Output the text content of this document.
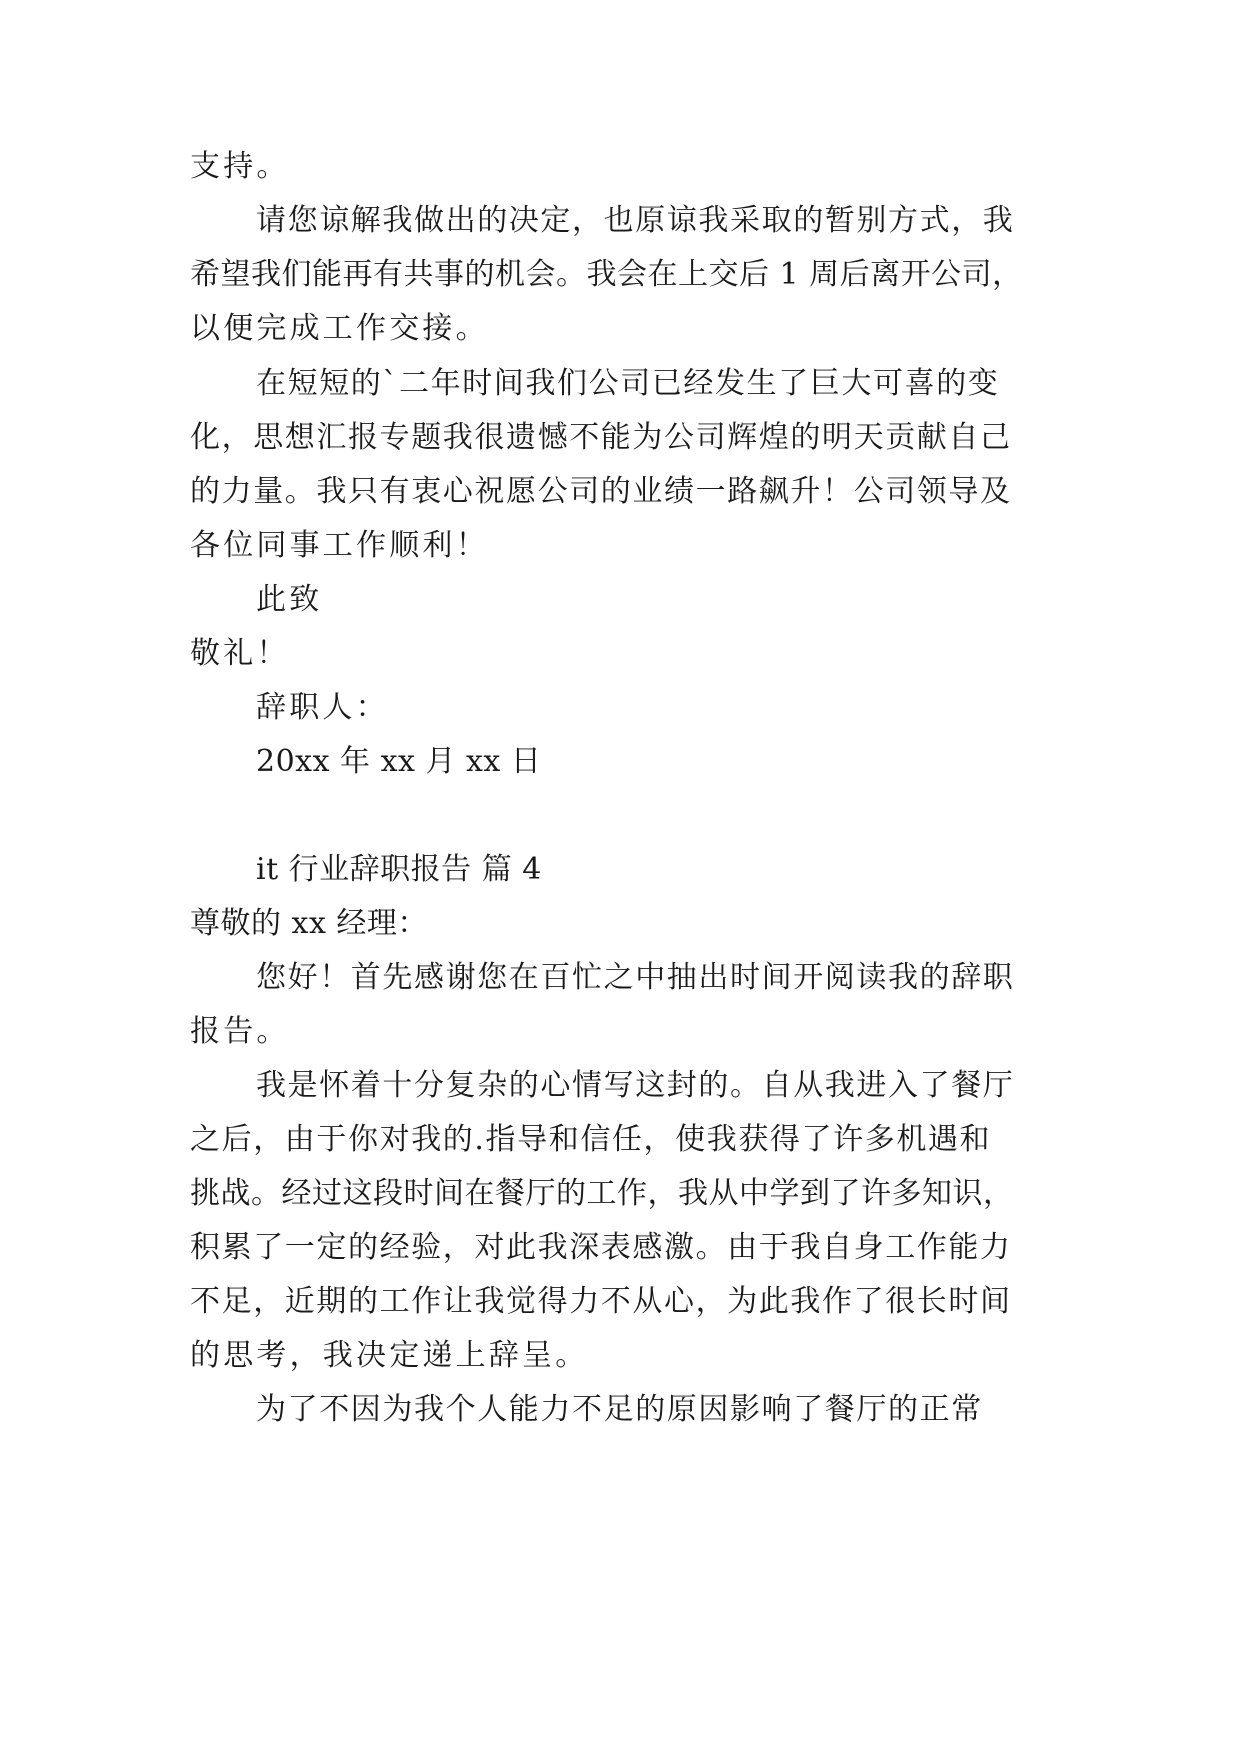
支持。
请您谅解我做出的决定，也原谅我采取的暂别方式，我
希望我们能再有共事的机会。我会在上交后 1 周后离开公司，
以便完成工作交接。
在短短的`二年时间我们公司已经发生了巨大可喜的变
化，思想汇报专题我很遗憾不能为公司辉煌的明天贡献自己
的力量。我只有衷心祝愿公司的业绩一路飙升！公司领导及
各位同事工作顺利！
此致
敬礼！
辞职人：
20xx 年 xx 月 xx 日
it 行业辞职报告 篇 4
尊敬的 xx 经理：
您好！首先感谢您在百忙之中抽出时间开阅读我的辞职
报告。
我是怀着十分复杂的心情写这封的。自从我进入了餐厅
之后，由于你对我的.指导和信任，使我获得了许多机遇和
挑战。经过这段时间在餐厅的工作，我从中学到了许多知识，
积累了一定的经验，对此我深表感激。由于我自身工作能力
不足，近期的工作让我觉得力不从心，为此我作了很长时间
的思考，我决定递上辞呈。
为了不因为我个人能力不足的原因影响了餐厅的正常
